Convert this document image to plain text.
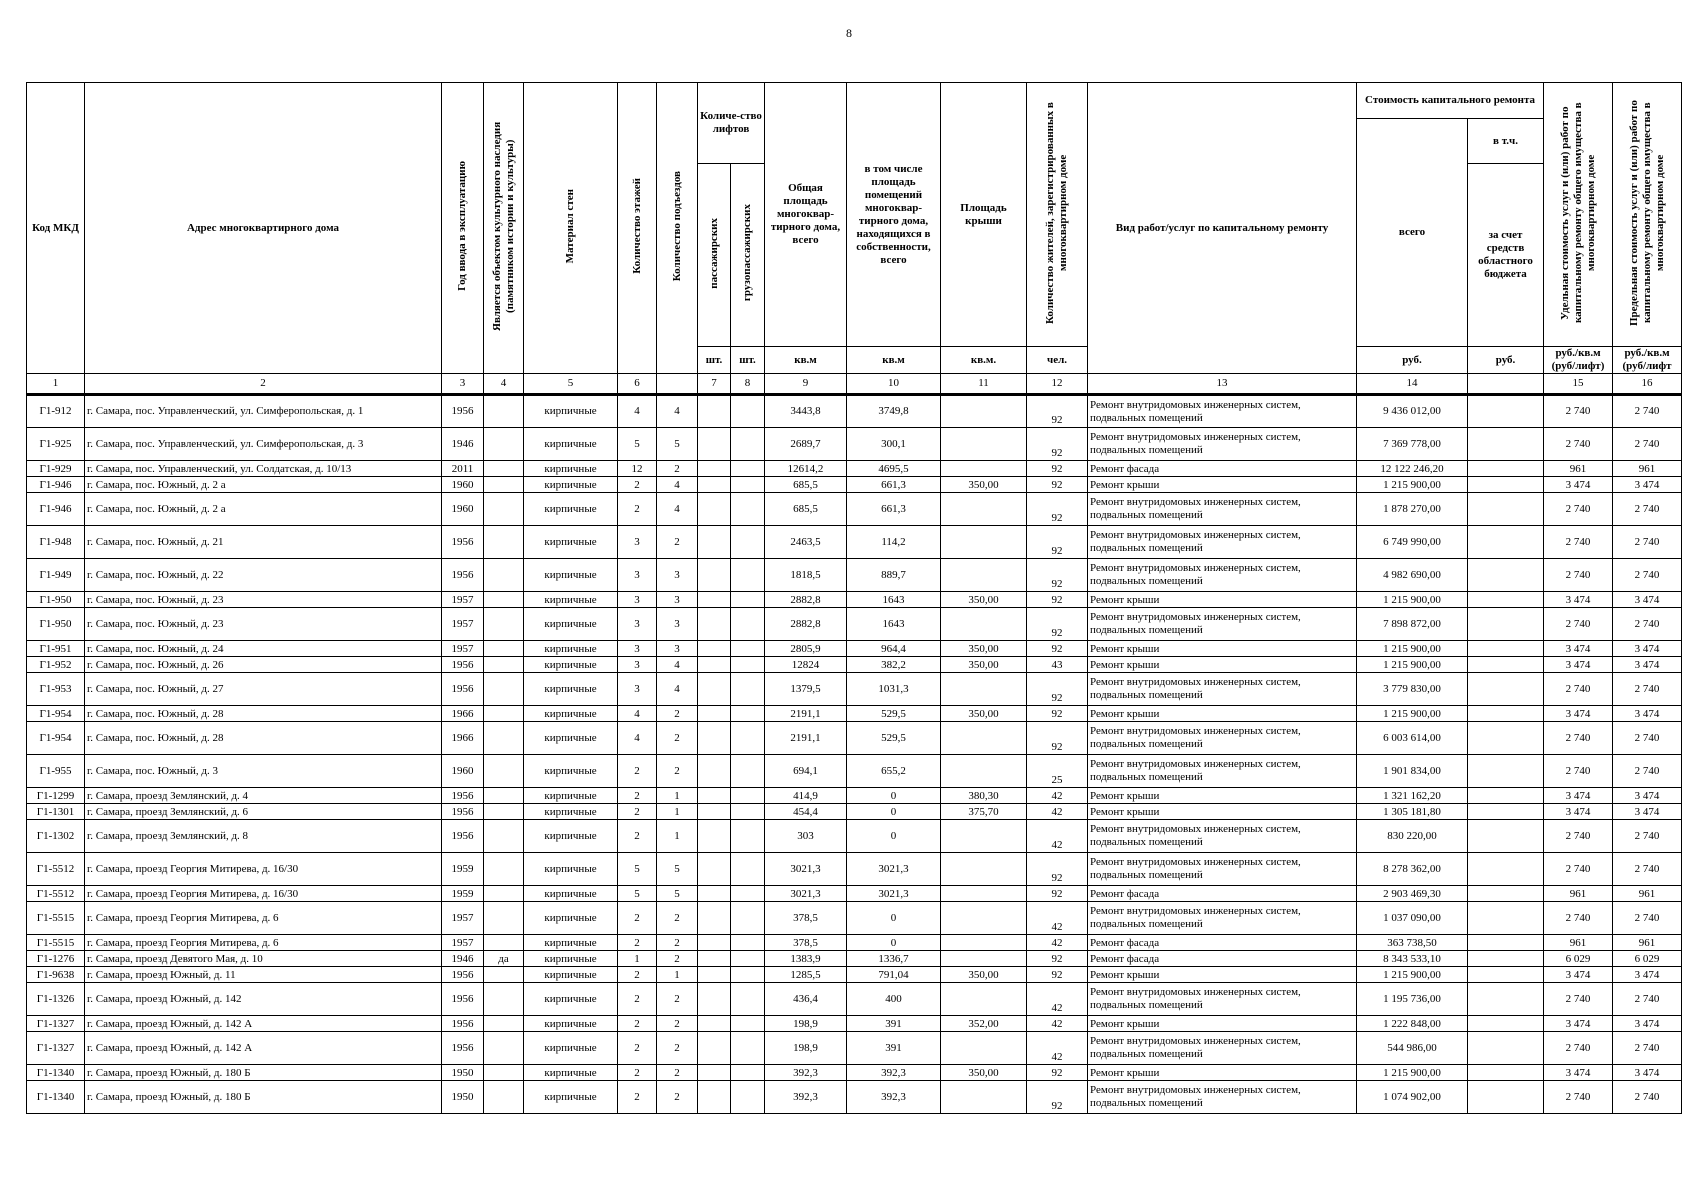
8
Код МКД	Адрес многоквартирного дома	Год ввода в эксплуатацию	Является объектом культурного наследия (памятником истории и культуры)	Материал стен	Количество этажей	Количество подъездов	Количе-ство лифтов		Общая площадь многоквар-тирного дома, всего	в том числе площадь помещений многоквар-тирного дома, находящихся в собственности, всего	Площадь крыши	Количество жителей, зарегистрированных в многоквартирном доме	Вид работ/услуг по капитальному ремонту	Стоимость капитального ремонта		Удельная стоимость услуг и (или) работ по капитальному ремонту общего имущества в многоквартирном доме	Предельная стоимость услуг и (или) работ по капитальному ремонту общего имущества в многоквартирном доме
														всего	в т.ч.		
							пассажирских	грузопассажирских							за счет средств областного бюджета		
							шт.	шт.	кв.м	кв.м	кв.м.	чел.		руб.	руб.	руб./кв.м (руб/лифт)	руб./кв.м (руб/лифт
1	2	3	4	5	6		7	8	9	10	11	12	13	14		15	16
Г1-912	г. Самара, пос. Управленческий, ул. Симферопольская, д. 1	1956		кирпичные	4	4			3443,8	3749,8		92	Ремонт внутридомовых инженерных систем, подвальных помещений	9 436 012,00		2 740	2 740
Г1-925	г. Самара, пос. Управленческий, ул. Симферопольская, д. 3	1946		кирпичные	5	5			2689,7	300,1		92	Ремонт внутридомовых инженерных систем, подвальных помещений	7 369 778,00		2 740	2 740
Г1-929	г. Самара, пос. Управленческий, ул. Солдатская, д. 10/13	2011		кирпичные	12	2			12614,2	4695,5		92	Ремонт фасада	12 122 246,20		961	961
Г1-946	г. Самара, пос. Южный, д. 2 а	1960		кирпичные	2	4			685,5	661,3	350,00	92	Ремонт крыши	1 215 900,00		3 474	3 474
Г1-946	г. Самара, пос. Южный, д. 2 а	1960		кирпичные	2	4			685,5	661,3		92	Ремонт внутридомовых инженерных систем, подвальных помещений	1 878 270,00		2 740	2 740
Г1-948	г. Самара, пос. Южный, д. 21	1956		кирпичные	3	2			2463,5	114,2		92	Ремонт внутридомовых инженерных систем, подвальных помещений	6 749 990,00		2 740	2 740
Г1-949	г. Самара, пос. Южный, д. 22	1956		кирпичные	3	3			1818,5	889,7		92	Ремонт внутридомовых инженерных систем, подвальных помещений	4 982 690,00		2 740	2 740
Г1-950	г. Самара, пос. Южный, д. 23	1957		кирпичные	3	3			2882,8	1643	350,00	92	Ремонт крыши	1 215 900,00		3 474	3 474
Г1-950	г. Самара, пос. Южный, д. 23	1957		кирпичные	3	3			2882,8	1643		92	Ремонт внутридомовых инженерных систем, подвальных помещений	7 898 872,00		2 740	2 740
Г1-951	г. Самара, пос. Южный, д. 24	1957		кирпичные	3	3			2805,9	964,4	350,00	92	Ремонт крыши	1 215 900,00		3 474	3 474
Г1-952	г. Самара, пос. Южный, д. 26	1956		кирпичные	3	4			12824	382,2	350,00	43	Ремонт крыши	1 215 900,00		3 474	3 474
Г1-953	г. Самара, пос. Южный, д. 27	1956		кирпичные	3	4			1379,5	1031,3		92	Ремонт внутридомовых инженерных систем, подвальных помещений	3 779 830,00		2 740	2 740
Г1-954	г. Самара, пос. Южный, д. 28	1966		кирпичные	4	2			2191,1	529,5	350,00	92	Ремонт крыши	1 215 900,00		3 474	3 474
Г1-954	г. Самара, пос. Южный, д. 28	1966		кирпичные	4	2			2191,1	529,5		92	Ремонт внутридомовых инженерных систем, подвальных помещений	6 003 614,00		2 740	2 740
Г1-955	г. Самара, пос. Южный, д. 3	1960		кирпичные	2	2			694,1	655,2		25	Ремонт внутридомовых инженерных систем, подвальных помещений	1 901 834,00		2 740	2 740
Г1-1299	г. Самара, проезд Землянский, д. 4	1956		кирпичные	2	1			414,9	0	380,30	42	Ремонт крыши	1 321 162,20		3 474	3 474
Г1-1301	г. Самара, проезд Землянский, д. 6	1956		кирпичные	2	1			454,4	0	375,70	42	Ремонт крыши	1 305 181,80		3 474	3 474
Г1-1302	г. Самара, проезд Землянский, д. 8	1956		кирпичные	2	1			303	0		42	Ремонт внутридомовых инженерных систем, подвальных помещений	830 220,00		2 740	2 740
Г1-5512	г. Самара, проезд Георгия Митирева, д. 16/30	1959		кирпичные	5	5			3021,3	3021,3		92	Ремонт внутридомовых инженерных систем, подвальных помещений	8 278 362,00		2 740	2 740
Г1-5512	г. Самара, проезд Георгия Митирева, д. 16/30	1959		кирпичные	5	5			3021,3	3021,3		92	Ремонт фасада	2 903 469,30		961	961
Г1-5515	г. Самара, проезд Георгия Митирева, д. 6	1957		кирпичные	2	2			378,5	0		42	Ремонт внутридомовых инженерных систем, подвальных помещений	1 037 090,00		2 740	2 740
Г1-5515	г. Самара, проезд Георгия Митирева, д. 6	1957		кирпичные	2	2			378,5	0		42	Ремонт фасада	363 738,50		961	961
Г1-1276	г. Самара, проезд Девятого Мая, д. 10	1946	да	кирпичные	1	2			1383,9	1336,7		92	Ремонт фасада	8 343 533,10		6 029	6 029
Г1-9638	г. Самара, проезд Южный, д. 11	1956		кирпичные	2	1			1285,5	791,04	350,00	92	Ремонт крыши	1 215 900,00		3 474	3 474
Г1-1326	г. Самара, проезд Южный, д. 142	1956		кирпичные	2	2			436,4	400		42	Ремонт внутридомовых инженерных систем, подвальных помещений	1 195 736,00		2 740	2 740
Г1-1327	г. Самара, проезд Южный, д. 142 А	1956		кирпичные	2	2			198,9	391	352,00	42	Ремонт крыши	1 222 848,00		3 474	3 474
Г1-1327	г. Самара, проезд Южный, д. 142 А	1956		кирпичные	2	2			198,9	391		42	Ремонт внутридомовых инженерных систем, подвальных помещений	544 986,00		2 740	2 740
Г1-1340	г. Самара, проезд Южный, д. 180 Б	1950		кирпичные	2	2			392,3	392,3	350,00	92	Ремонт крыши	1 215 900,00		3 474	3 474
Г1-1340	г. Самара, проезд Южный, д. 180 Б	1950		кирпичные	2	2			392,3	392,3		92	Ремонт внутридомовых инженерных систем, подвальных помещений	1 074 902,00		2 740	2 740
